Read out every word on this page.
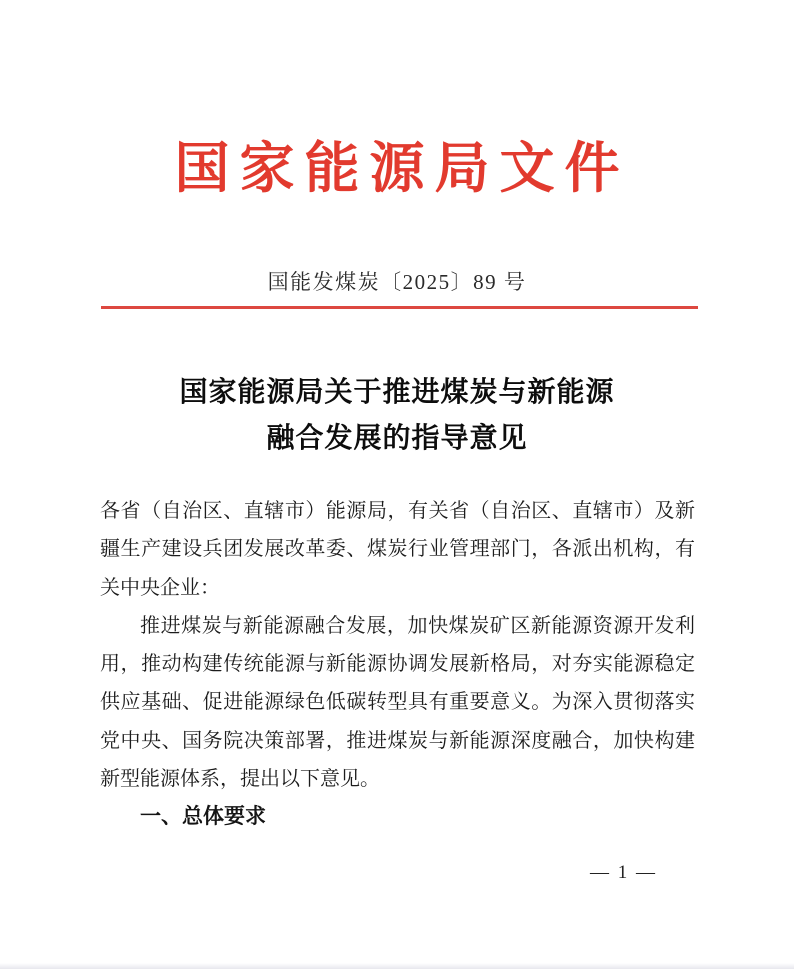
国家能源局文件
国能发煤炭〔2025〕89 号
国家能源局关于推进煤炭与新能源
融合发展的指导意见
各省（自治区、直辖市）能源局，有关省（自治区、直辖市）及新
疆生产建设兵团发展改革委、煤炭行业管理部门，各派出机构，有
关中央企业：
推进煤炭与新能源融合发展，加快煤炭矿区新能源资源开发利
用，推动构建传统能源与新能源协调发展新格局，对夯实能源稳定
供应基础、促进能源绿色低碳转型具有重要意义。为深入贯彻落实
党中央、国务院决策部署，推进煤炭与新能源深度融合，加快构建
新型能源体系，提出以下意见。
一、总体要求
— 1 —
